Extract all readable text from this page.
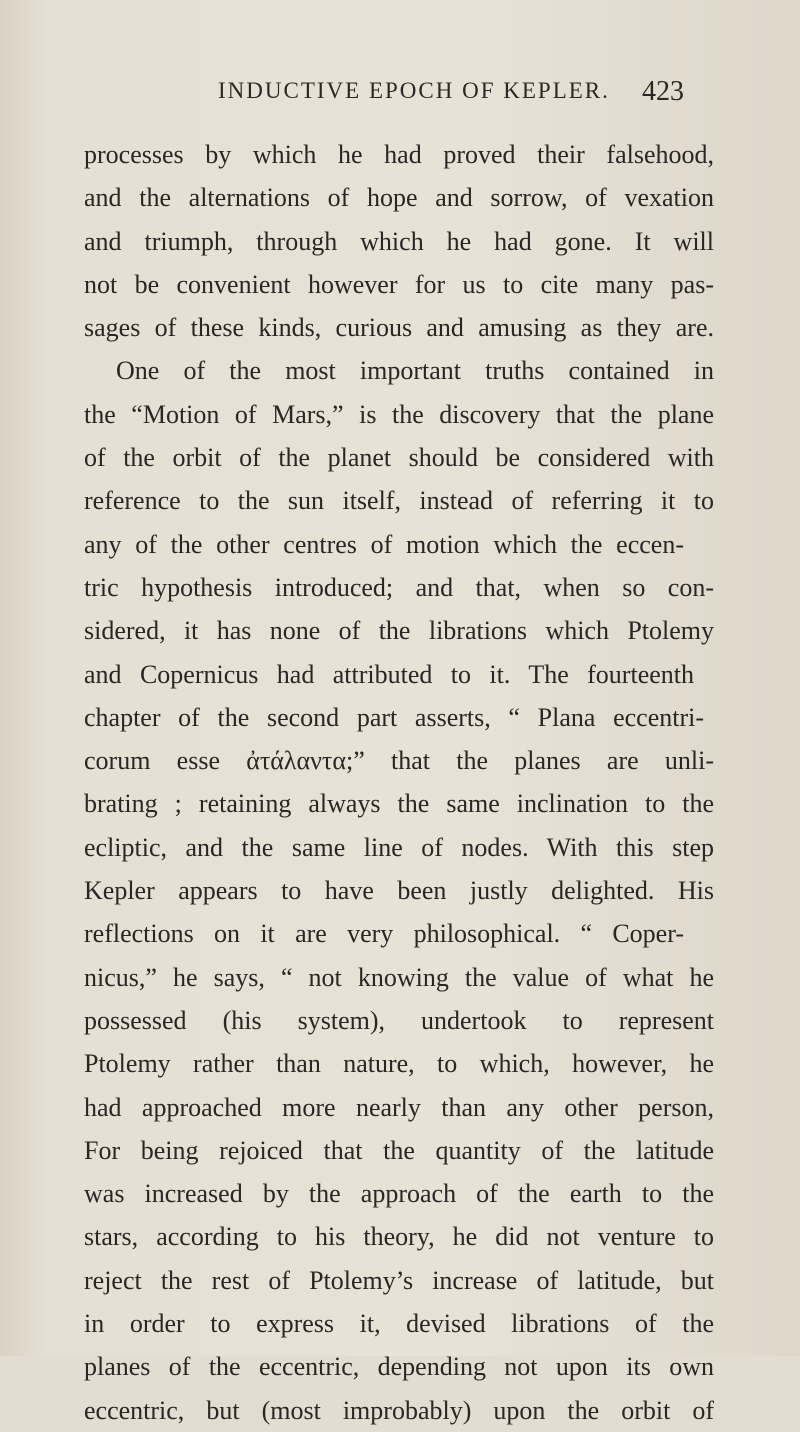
INDUCTIVE EPOCH OF KEPLER. 423
processes by which he had proved their falsehood,
and the alternations of hope and sorrow, of vexation
and triumph, through which he had gone. It will
not be convenient however for us to cite many pas-
sages of these kinds, curious and amusing as they are.
One of the most important truths contained in
the “Motion of Mars,” is the discovery that the plane
of the orbit of the planet should be considered with
reference to the sun itself, instead of referring it to
any of the other centres of motion which the eccen-
tric hypothesis introduced; and that, when so con-
sidered, it has none of the librations which Ptolemy
and Copernicus had attributed to it. The fourteenth
chapter of the second part asserts, “ Plana eccentri-
corum esse ἀτάλαντα;” that the planes are unli-
brating ; retaining always the same inclination to the
ecliptic, and the same line of nodes. With this step
Kepler appears to have been justly delighted. His
reflections on it are very philosophical. “ Coper-
nicus,” he says, “ not knowing the value of what he
possessed (his system), undertook to represent
Ptolemy rather than nature, to which, however, he
had approached more nearly than any other person,
For being rejoiced that the quantity of the latitude
was increased by the approach of the earth to the
stars, according to his theory, he did not venture to
reject the rest of Ptolemy’s increase of latitude, but
in order to express it, devised librations of the
planes of the eccentric, depending not upon its own
eccentric, but (most improbably) upon the orbit of
